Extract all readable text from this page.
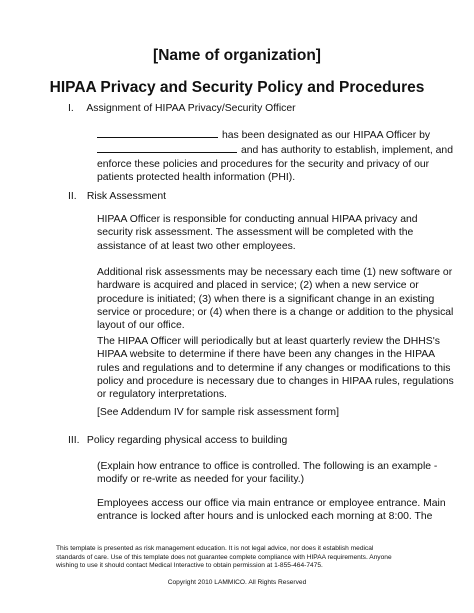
[Name of organization]
HIPAA Privacy and Security Policy and Procedures
I. Assignment of HIPAA Privacy/Security Officer
has been designated as our HIPAA Officer by
and has authority to establish, implement, and
enforce these policies and procedures for the security and privacy of our
patients protected health information (PHI).
II. Risk Assessment
HIPAA Officer is responsible for conducting annual HIPAA privacy and
security risk assessment. The assessment will be completed with the
assistance of at least two other employees.
Additional risk assessments may be necessary each time (1) new software or
hardware is acquired and placed in service; (2) when a new service or
procedure is initiated; (3) when there is a significant change in an existing
service or procedure; or (4) when there is a change or addition to the physical
layout of our office.
The HIPAA Officer will periodically but at least quarterly review the DHHS's
HIPAA website to determine if there have been any changes in the HIPAA
rules and regulations and to determine if any changes or modifications to this
policy and procedure is necessary due to changes in HIPAA rules, regulations
or regulatory interpretations.
[See Addendum IV for sample risk assessment form]
III. Policy regarding physical access to building
(Explain how entrance to office is controlled. The following is an example -
modify or re-write as needed for your facility.)
Employees access our office via main entrance or employee entrance. Main
entrance is locked after hours and is unlocked each morning at 8:00. The
This template is presented as risk management education. It is not legal advice, nor does it establish medical
standards of care. Use of this template does not guarantee complete compliance with HIPAA requirements. Anyone
wishing to use it should contact Medical Interactive to obtain permission at 1-855-464-7475.
Copyright 2010 LAMMICO. All Rights Reserved
